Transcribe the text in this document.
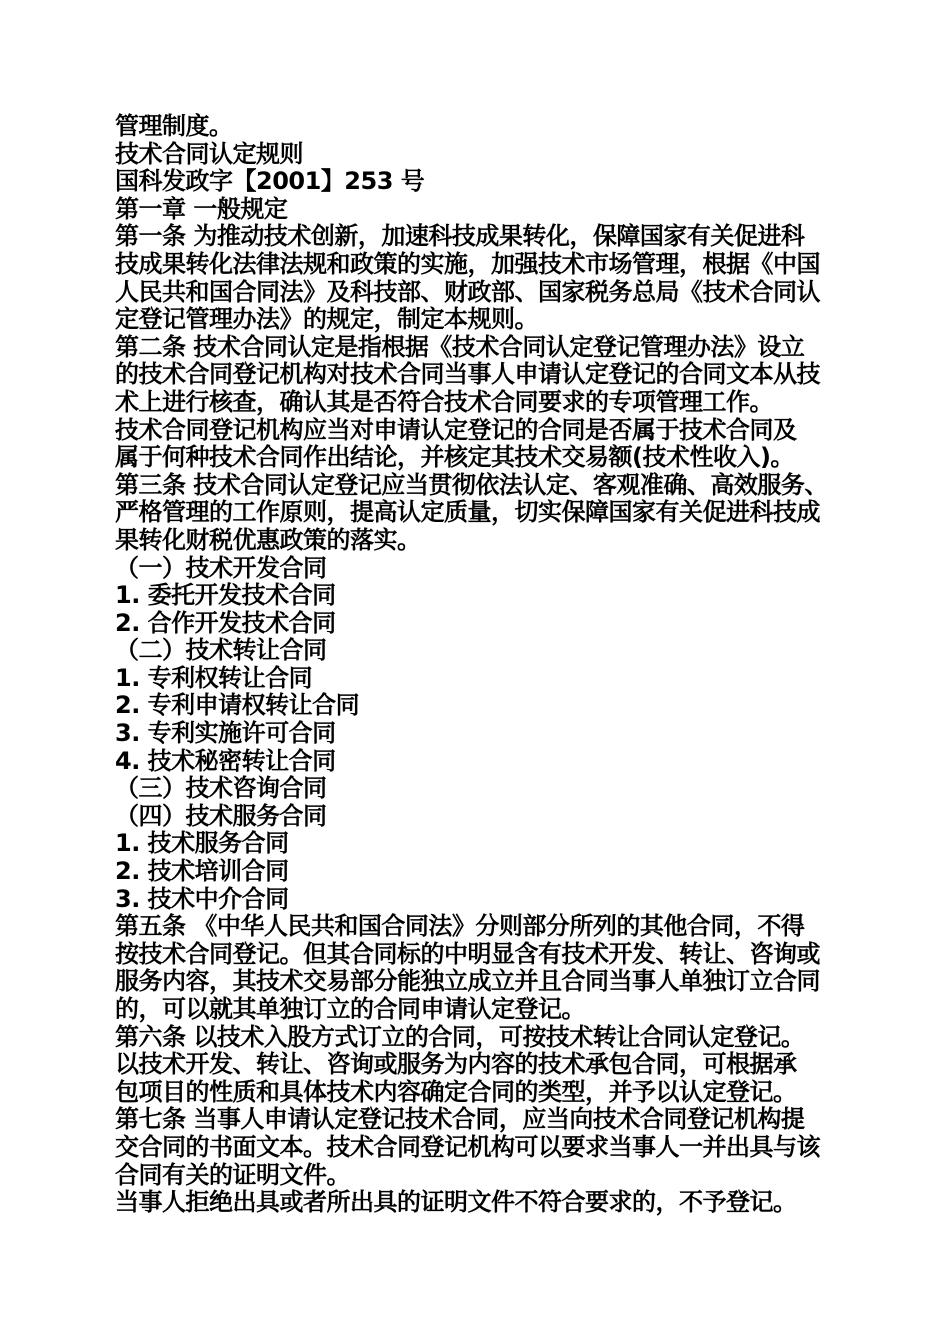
管理制度。
技术合同认定规则
国科发政字【2001】253 号
第一章 一般规定
第一条 为推动技术创新，加速科技成果转化，保障国家有关促进科
技成果转化法律法规和政策的实施，加强技术市场管理，根据《中国
人民共和国合同法》及科技部、财政部、国家税务总局《技术合同认
定登记管理办法》的规定，制定本规则。
第二条 技术合同认定是指根据《技术合同认定登记管理办法》设立
的技术合同登记机构对技术合同当事人申请认定登记的合同文本从技
术上进行核查，确认其是否符合技术合同要求的专项管理工作。
技术合同登记机构应当对申请认定登记的合同是否属于技术合同及
属于何种技术合同作出结论，并核定其技术交易额(技术性收入)。
第三条 技术合同认定登记应当贯彻依法认定、客观准确、高效服务、
严格管理的工作原则，提高认定质量，切实保障国家有关促进科技成
果转化财税优惠政策的落实。
（一）技术开发合同
1. 委托开发技术合同
2. 合作开发技术合同
（二）技术转让合同
1. 专利权转让合同
2. 专利申请权转让合同
3. 专利实施许可合同
4. 技术秘密转让合同
（三）技术咨询合同
（四）技术服务合同
1. 技术服务合同
2. 技术培训合同
3. 技术中介合同
第五条 《中华人民共和国合同法》分则部分所列的其他合同，不得
按技术合同登记。但其合同标的中明显含有技术开发、转让、咨询或
服务内容，其技术交易部分能独立成立并且合同当事人单独订立合同
的，可以就其单独订立的合同申请认定登记。
第六条 以技术入股方式订立的合同，可按技术转让合同认定登记。
以技术开发、转让、咨询或服务为内容的技术承包合同，可根据承
包项目的性质和具体技术内容确定合同的类型，并予以认定登记。
第七条 当事人申请认定登记技术合同，应当向技术合同登记机构提
交合同的书面文本。技术合同登记机构可以要求当事人一并出具与该
合同有关的证明文件。
当事人拒绝出具或者所出具的证明文件不符合要求的，不予登记。
